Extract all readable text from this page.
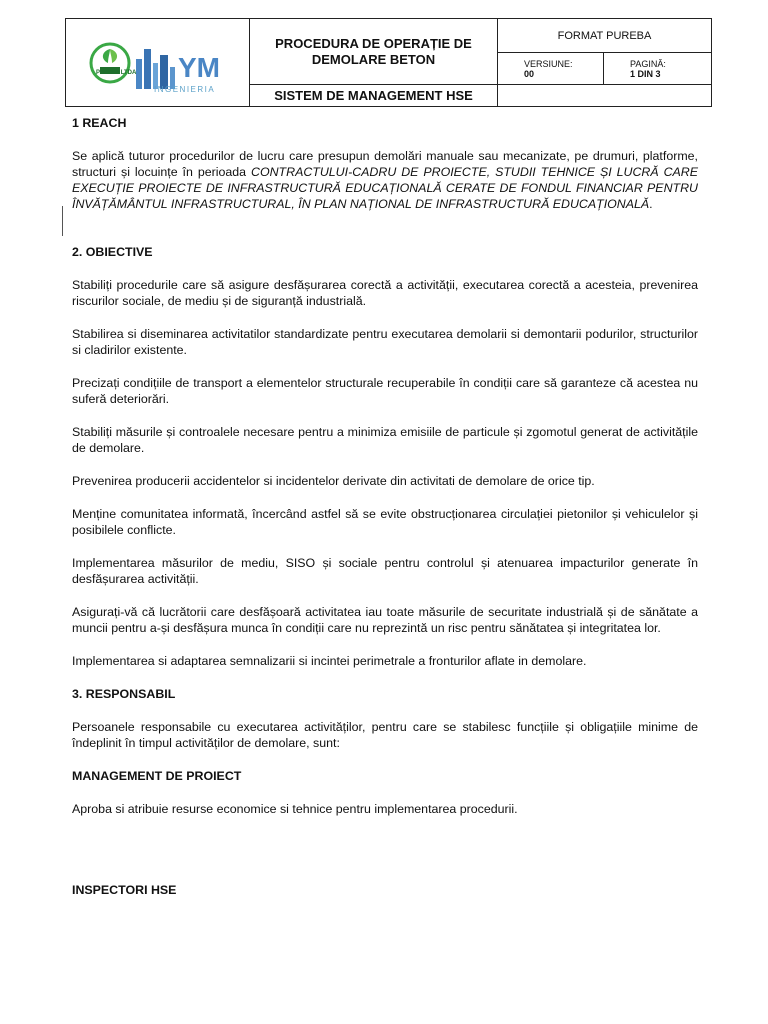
YM
PRISMA LTDA
INGENIERIA
PROCEDURA DE OPERAȚIE DE
DEMOLARE BETON
SISTEM DE MANAGEMENT HSE
FORMAT PUREBA
VERSIUNE:
00
PAGINĂ:
1 DIN 3

1 REACH

Se aplică tuturor procedurilor de lucru care presupun demolări manuale sau mecanizate, pe drumuri, platforme, structuri și locuințe în perioada CONTRACTULUI-CADRU DE PROIECTE, STUDII TEHNICE ȘI LUCRĂ CARE EXECUȚIE PROIECTE DE INFRASTRUCTURĂ EDUCAȚIONALĂ CERATE DE FONDUL FINANCIAR PENTRU ÎNVĂȚĂMÂNTUL INFRASTRUCTURAL, ÎN PLAN NAȚIONAL DE INFRASTRUCTURĂ EDUCAȚIONALĂ.

2. OBIECTIVE

Stabiliți procedurile care să asigure desfășurarea corectă a activității, executarea corectă a acesteia, prevenirea riscurilor sociale, de mediu și de siguranță industrială.

Stabilirea si diseminarea activitatilor standardizate pentru executarea demolarii si demontarii podurilor, structurilor si cladirilor existente.

Precizați condițiile de transport a elementelor structurale recuperabile în condiții care să garanteze că acestea nu suferă deteriorări.

Stabiliți măsurile și controalele necesare pentru a minimiza emisiile de particule și zgomotul generat de activitățile de demolare.

Prevenirea producerii accidentelor si incidentelor derivate din activitati de demolare de orice tip.

Menține comunitatea informată, încercând astfel să se evite obstrucționarea circulației pietonilor și vehiculelor și posibilele conflicte.

Implementarea măsurilor de mediu, SISO și sociale pentru controlul și atenuarea impacturilor generate în desfășurarea activității.

Asigurați-vă că lucrătorii care desfășoară activitatea iau toate măsurile de securitate industrială și de sănătate a muncii pentru a-și desfășura munca în condiții care nu reprezintă un risc pentru sănătatea și integritatea lor.

Implementarea si adaptarea semnalizarii si incintei perimetrale a fronturilor aflate in demolare.

3. RESPONSABIL

Persoanele responsabile cu executarea activităților, pentru care se stabilesc funcțiile și obligațiile minime de îndeplinit în timpul activităților de demolare, sunt:

MANAGEMENT DE PROIECT

Aproba si atribuie resurse economice si tehnice pentru implementarea procedurii.

INSPECTORI HSE
